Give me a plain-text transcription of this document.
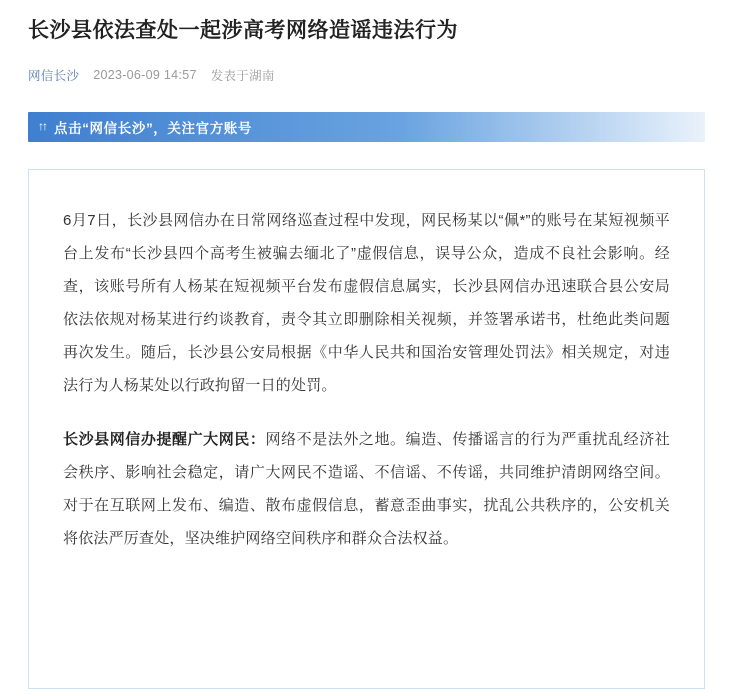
长沙县依法查处一起涉高考网络造谣违法行为
网信长沙 2023-06-09 14:57 发表于湖南
↑↑ 点击“网信长沙”，关注官方账号

6月7日，长沙县网信办在日常网络巡查过程中发现，网民杨某以“佩*”的账号在某短视频平台上发布“长沙县四个高考生被骗去缅北了”虚假信息，误导公众，造成不良社会影响。经查，该账号所有人杨某在短视频平台发布虚假信息属实，长沙县网信办迅速联合县公安局依法依规对杨某进行约谈教育，责令其立即删除相关视频，并签署承诺书，杜绝此类问题再次发生。随后，长沙县公安局根据《中华人民共和国治安管理处罚法》相关规定，对违法行为人杨某处以行政拘留一日的处罚。

长沙县网信办提醒广大网民：网络不是法外之地。编造、传播谣言的行为严重扰乱经济社会秩序、影响社会稳定，请广大网民不造谣、不信谣、不传谣，共同维护清朗网络空间。对于在互联网上发布、编造、散布虚假信息，蓄意歪曲事实，扰乱公共秩序的，公安机关将依法严厉查处，坚决维护网络空间秩序和群众合法权益。
